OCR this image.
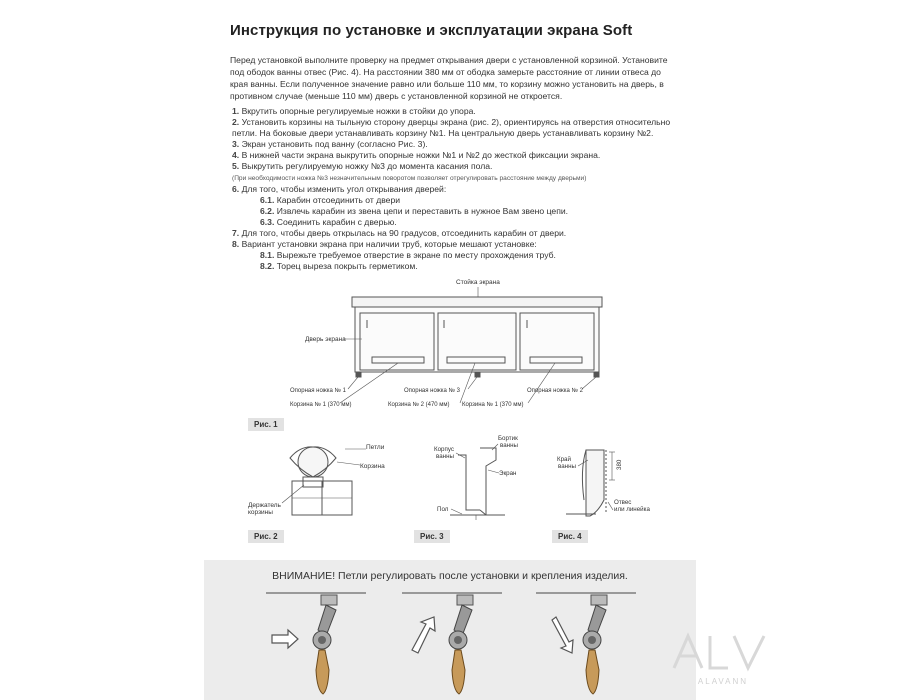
Инструкция по установке и эксплуатации экрана Soft
Перед установкой выполните проверку на предмет открывания двери с установленной корзиной. Установите под ободок ванны отвес (Рис. 4). На расстоянии 380 мм от ободка замерьте расстояние от линии отвеса до края ванны. Если полученное значение равно или больше 110 мм, то корзину можно установить на дверь, в противном случае (меньше 110 мм) дверь с установленной корзиной не откроется.
1. Вкрутить опорные регулируемые ножки в стойки до упора.
2. Установить корзины на тыльную сторону дверцы экрана (рис. 2), ориентируясь на отверстия относительно
петли. На боковые двери устанавливать корзину №1. На центральную дверь устанавливать корзину №2.
3. Экран установить под ванну (согласно Рис. 3).
4. В нижней части экрана выкрутить опорные ножки №1 и №2 до жесткой фиксации экрана.
5. Выкрутить регулируемую ножку №3 до момента касания пола.
(При необходимости ножка №3 незначительным поворотом позволяет отрегулировать расстояние между дверьми)
6. Для того, чтобы изменить угол открывания дверей:
6.1. Карабин отсоединить от двери
6.2. Извлечь карабин из звена цепи и переставить в нужное Вам звено цепи.
6.3. Соединить карабин с дверью.
7. Для того, чтобы дверь открылась на 90 градусов, отсоединить карабин от двери.
8. Вариант установки экрана при наличии труб, которые мешают установке:
8.1. Вырежьте требуемое отверстие в экране по месту прохождения труб.
8.2. Торец выреза покрыть герметиком.
Стойка экрана
Дверь экрана
Опорная ножка № 1	Опорная ножка № 3	Опорная ножка № 2
Корзина № 1 (370 мм)	Корзина № 2 (470 мм) Корзина № 1 (370 мм)
Петли
Корзина
Держатель
корзины
Корпус
ванны
Бортик
ванны
Экран
Пол
Край
ванны	380
Отвес
или линейка
Рис. 1
Рис. 2	Рис. 3	Рис. 4
ВНИМАНИЕ! Петли регулировать после установки и крепления изделия.
ALAVANN
